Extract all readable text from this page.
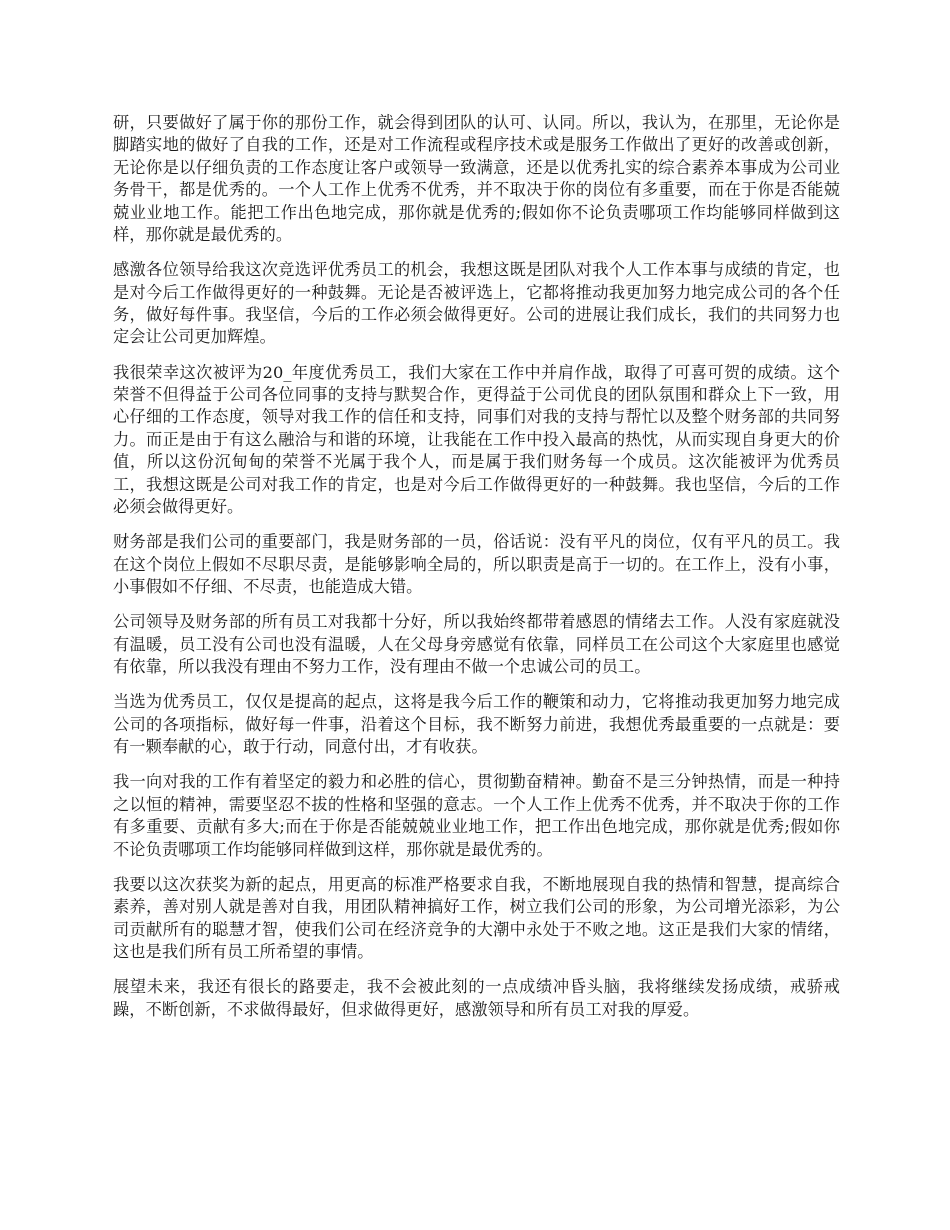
研，只要做好了属于你的那份工作，就会得到团队的认可、认同。所以，我认为，在那里，无论你是脚踏实地的做好了自我的工作，还是对工作流程或程序技术或是服务工作做出了更好的改善或创新，无论你是以仔细负责的工作态度让客户或领导一致满意，还是以优秀扎实的综合素养本事成为公司业务骨干，都是优秀的。一个人工作上优秀不优秀，并不取决于你的岗位有多重要，而在于你是否能兢兢业业地工作。能把工作出色地完成，那你就是优秀的;假如你不论负责哪项工作均能够同样做到这样，那你就是最优秀的。

感激各位领导给我这次竞选评优秀员工的机会，我想这既是团队对我个人工作本事与成绩的肯定，也是对今后工作做得更好的一种鼓舞。无论是否被评选上，它都将推动我更加努力地完成公司的各个任务，做好每件事。我坚信，今后的工作必须会做得更好。公司的进展让我们成长，我们的共同努力也定会让公司更加辉煌。

我很荣幸这次被评为20_年度优秀员工，我们大家在工作中并肩作战，取得了可喜可贺的成绩。这个荣誉不但得益于公司各位同事的支持与默契合作，更得益于公司优良的团队氛围和群众上下一致，用心仔细的工作态度，领导对我工作的信任和支持，同事们对我的支持与帮忙以及整个财务部的共同努力。而正是由于有这么融洽与和谐的环境，让我能在工作中投入最高的热忱，从而实现自身更大的价值，所以这份沉甸甸的荣誉不光属于我个人，而是属于我们财务每一个成员。这次能被评为优秀员工，我想这既是公司对我工作的肯定，也是对今后工作做得更好的一种鼓舞。我也坚信，今后的工作必须会做得更好。

财务部是我们公司的重要部门，我是财务部的一员，俗话说：没有平凡的岗位，仅有平凡的员工。我在这个岗位上假如不尽职尽责，是能够影响全局的，所以职责是高于一切的。在工作上，没有小事，小事假如不仔细、不尽责，也能造成大错。

公司领导及财务部的所有员工对我都十分好，所以我始终都带着感恩的情绪去工作。人没有家庭就没有温暖，员工没有公司也没有温暖，人在父母身旁感觉有依靠，同样员工在公司这个大家庭里也感觉有依靠，所以我没有理由不努力工作，没有理由不做一个忠诚公司的员工。

当选为优秀员工，仅仅是提高的起点，这将是我今后工作的鞭策和动力，它将推动我更加努力地完成公司的各项指标，做好每一件事，沿着这个目标，我不断努力前进，我想优秀最重要的一点就是：要有一颗奉献的心，敢于行动，同意付出，才有收获。

我一向对我的工作有着坚定的毅力和必胜的信心，贯彻勤奋精神。勤奋不是三分钟热情，而是一种持之以恒的精神，需要坚忍不拔的性格和坚强的意志。一个人工作上优秀不优秀，并不取决于你的工作有多重要、贡献有多大;而在于你是否能兢兢业业地工作，把工作出色地完成，那你就是优秀;假如你不论负责哪项工作均能够同样做到这样，那你就是最优秀的。

我要以这次获奖为新的起点，用更高的标准严格要求自我，不断地展现自我的热情和智慧，提高综合素养，善对别人就是善对自我，用团队精神搞好工作，树立我们公司的形象，为公司增光添彩，为公司贡献所有的聪慧才智，使我们公司在经济竞争的大潮中永处于不败之地。这正是我们大家的情绪，这也是我们所有员工所希望的事情。

展望未来，我还有很长的路要走，我不会被此刻的一点成绩冲昏头脑，我将继续发扬成绩，戒骄戒躁，不断创新，不求做得最好，但求做得更好，感激领导和所有员工对我的厚爱。
